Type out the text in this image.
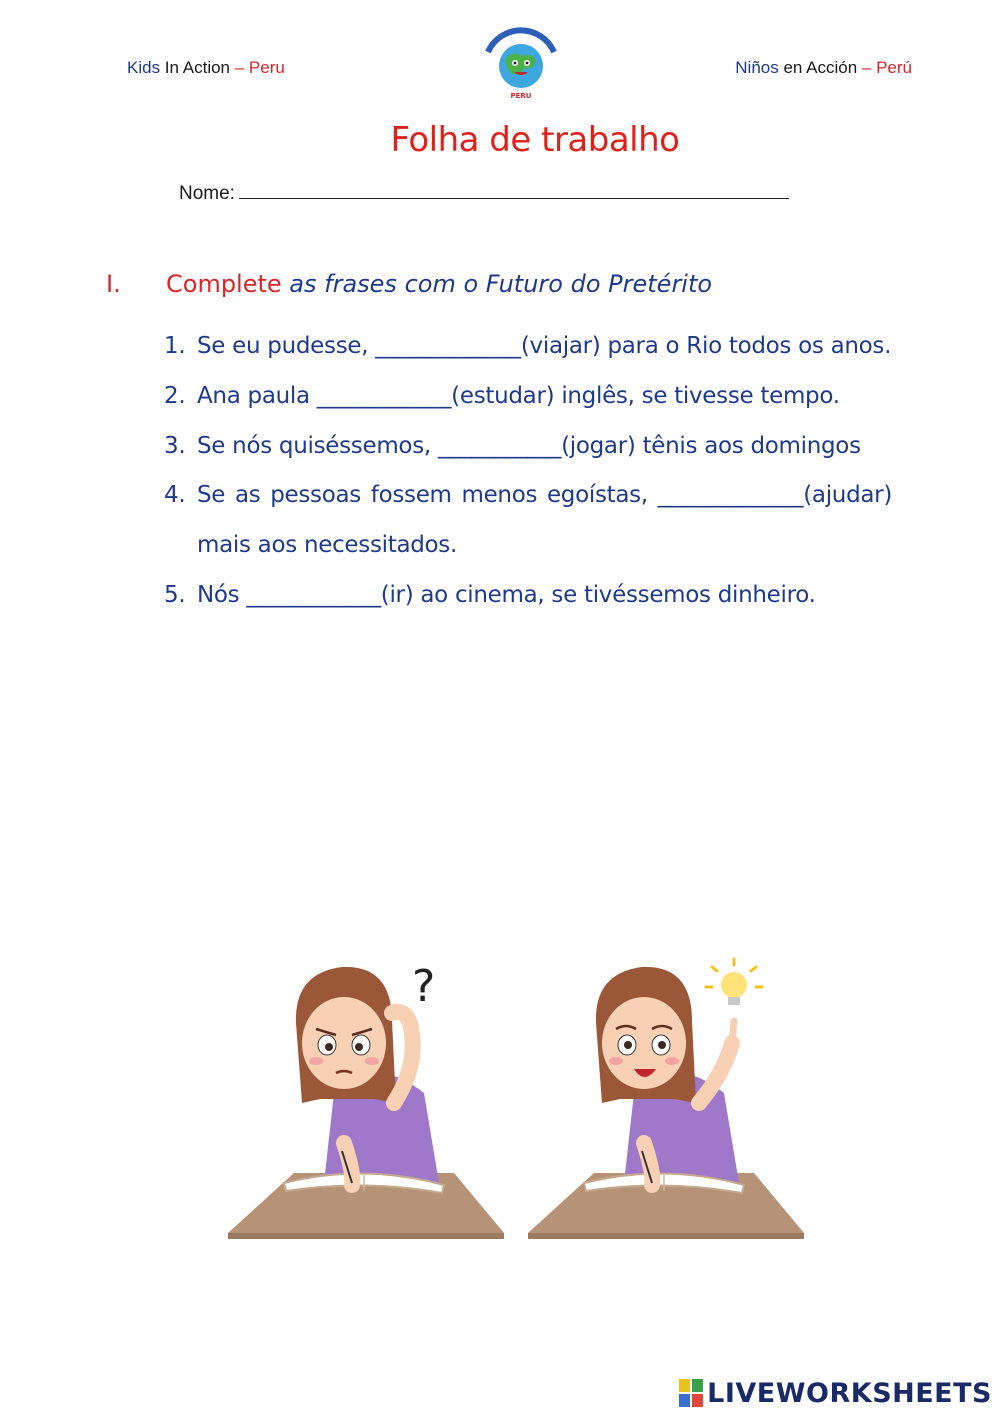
Kids In Action – Peru
PERU
Niños en Acción – Perú
Folha de trabalho
Nome:
I. Complete as frases com o Futuro do Pretérito
1. Se eu pudesse, _____________(viajar) para o Rio todos os anos.
2. Ana paula ____________(estudar) inglês, se tivesse tempo.
3. Se nós quiséssemos, ___________(jogar) tênis aos domingos
4. Se as pessoas fossem menos egoístas, _____________(ajudar) mais aos necessitados.
5. Nós ____________(ir) ao cinema, se tivéssemos dinheiro.
?
LIVEWORKSHEETS
